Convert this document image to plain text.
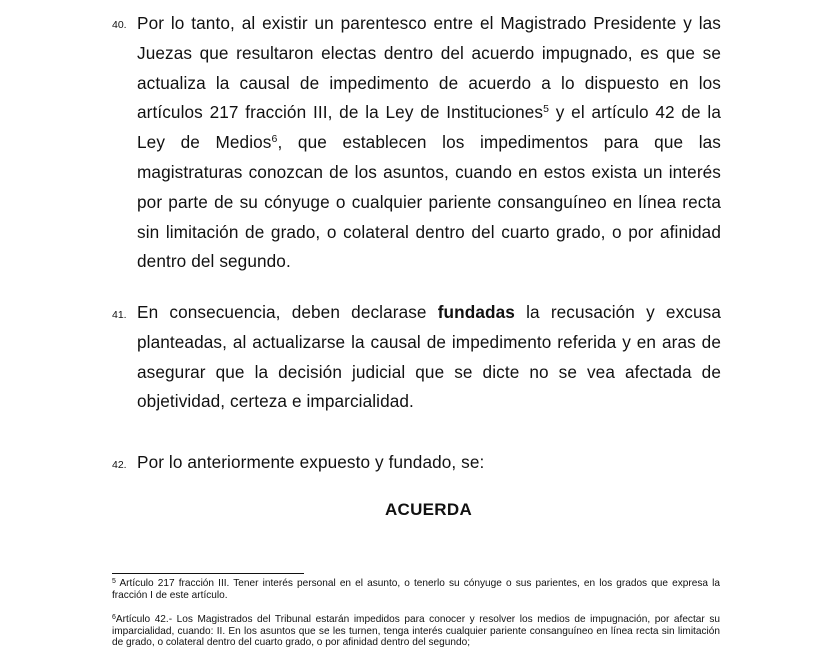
40. Por lo tanto, al existir un parentesco entre el Magistrado Presidente y las Juezas que resultaron electas dentro del acuerdo impugnado, es que se actualiza la causal de impedimento de acuerdo a lo dispuesto en los artículos 217 fracción III, de la Ley de Instituciones$^5$ y el artículo 42 de la Ley de Medios$^6$, que establecen los impedimentos para que las magistraturas conozcan de los asuntos, cuando en estos exista un interés por parte de su cónyuge o cualquier pariente consanguíneo en línea recta sin limitación de grado, o colateral dentro del cuarto grado, o por afinidad dentro del segundo.
41. En consecuencia, deben declarase fundadas la recusación y excusa planteadas, al actualizarse la causal de impedimento referida y en aras de asegurar que la decisión judicial que se dicte no se vea afectada de objetividad, certeza e imparcialidad.
42. Por lo anteriormente expuesto y fundado, se:
ACUERDA
$^5$ Artículo 217 fracción III. Tener interés personal en el asunto, o tenerlo su cónyuge o sus parientes, en los grados que expresa la fracción I de este artículo.
$^6$Artículo 42.- Los Magistrados del Tribunal estarán impedidos para conocer y resolver los medios de impugnación, por afectar su imparcialidad, cuando: II. En los asuntos que se les turnen, tenga interés cualquier pariente consanguíneo en línea recta sin limitación de grado, o colateral dentro del cuarto grado, o por afinidad dentro del segundo;
